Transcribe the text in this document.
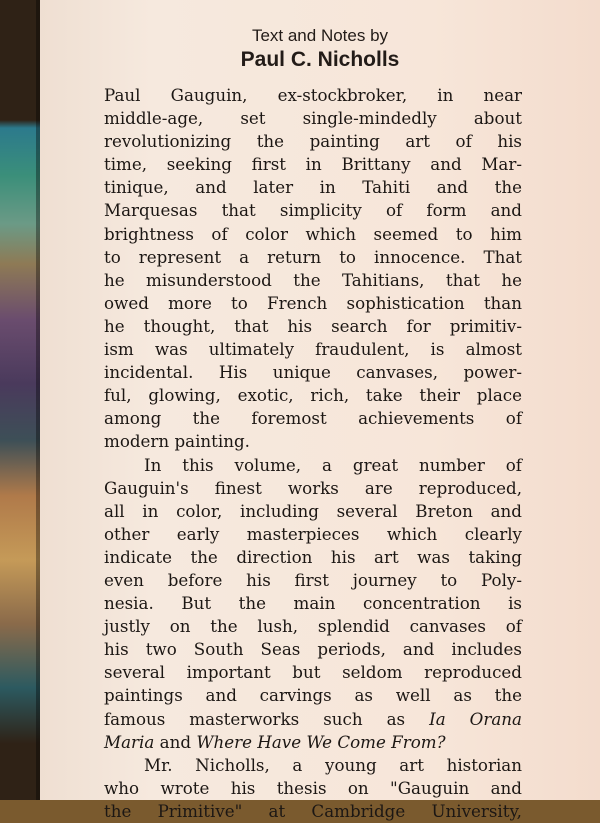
Text and Notes by
Paul C. Nicholls
Paul Gauguin, ex-stockbroker, in near
middle-age, set single-mindedly about
revolutionizing the painting art of his
time, seeking first in Brittany and Mar-
tinique, and later in Tahiti and the
Marquesas that simplicity of form and
brightness of color which seemed to him
to represent a return to innocence. That
he misunderstood the Tahitians, that he
owed more to French sophistication than
he thought, that his search for primitiv-
ism was ultimately fraudulent, is almost
incidental. His unique canvases, power-
ful, glowing, exotic, rich, take their place
among the foremost achievements of
modern painting.
In this volume, a great number of
Gauguin's finest works are reproduced,
all in color, including several Breton and
other early masterpieces which clearly
indicate the direction his art was taking
even before his first journey to Poly-
nesia. But the main concentration is
justly on the lush, splendid canvases of
his two South Seas periods, and includes
several important but seldom reproduced
paintings and carvings as well as the
famous masterworks such as Ia Orana
Maria and Where Have We Come From?
Mr. Nicholls, a young art historian
who wrote his thesis on "Gauguin and
the Primitive" at Cambridge University,
